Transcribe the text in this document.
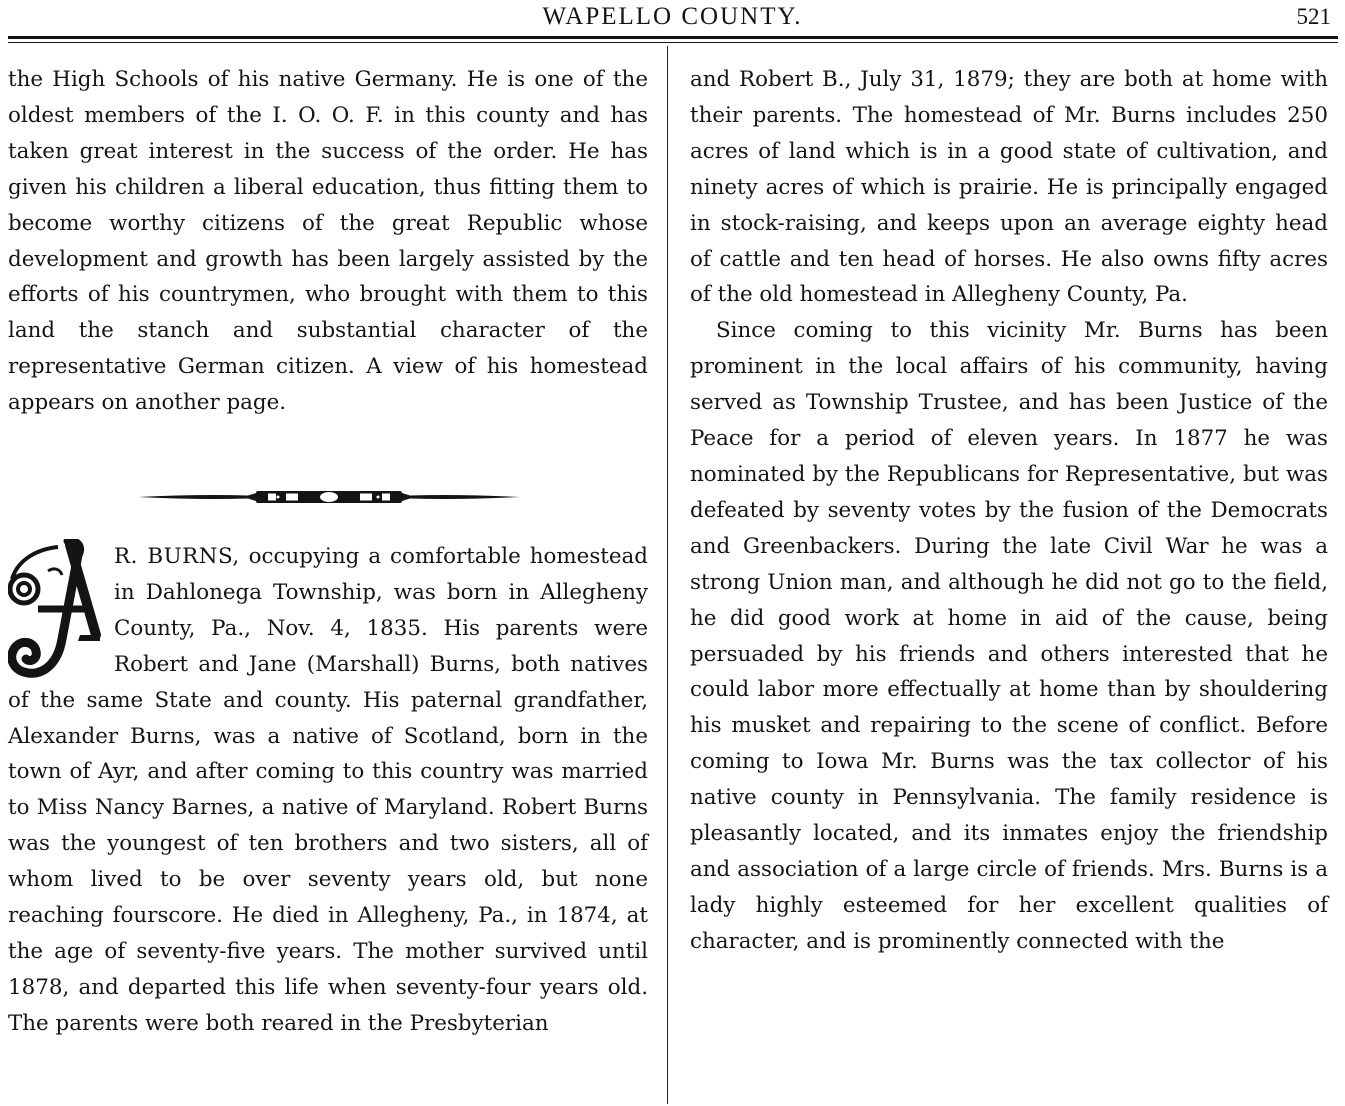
WAPELLO COUNTY.	521

the High Schools of his native Germany. He is one of the oldest members of the I. O. O. F. in this county and has taken great interest in the success of the order. He has given his children a liberal education, thus fitting them to become worthy citizens of the great Republic whose development and growth has been largely assisted by the efforts of his countrymen, who brought with them to this land the stanch and substantial character of the representative German citizen. A view of his homestead appears on another page.

R. BURNS, occupying a comfortable homestead in Dahlonega Township, was born in Allegheny County, Pa., Nov. 4, 1835. His parents were Robert and Jane (Marshall) Burns, both natives of the same State and county. His paternal grandfather, Alexander Burns, was a native of Scotland, born in the town of Ayr, and after coming to this country was married to Miss Nancy Barnes, a native of Maryland. Robert Burns was the youngest of ten brothers and two sisters, all of whom lived to be over seventy years old, but none reaching fourscore. He died in Allegheny, Pa., in 1874, at the age of seventy-five years. The mother survived until 1878, and departed this life when seventy-four years old. The parents were both reared in the Presbyterian

and Robert B., July 31, 1879; they are both at home with their parents. The homestead of Mr. Burns includes 250 acres of land which is in a good state of cultivation, and ninety acres of which is prairie. He is principally engaged in stock-raising, and keeps upon an average eighty head of cattle and ten head of horses. He also owns fifty acres of the old homestead in Allegheny County, Pa.

Since coming to this vicinity Mr. Burns has been prominent in the local affairs of his community, having served as Township Trustee, and has been Justice of the Peace for a period of eleven years. In 1877 he was nominated by the Republicans for Representative, but was defeated by seventy votes by the fusion of the Democrats and Greenbackers. During the late Civil War he was a strong Union man, and although he did not go to the field, he did good work at home in aid of the cause, being persuaded by his friends and others interested that he could labor more effectually at home than by shouldering his musket and repairing to the scene of conflict. Before coming to Iowa Mr. Burns was the tax collector of his native county in Pennsylvania. The family residence is pleasantly located, and its inmates enjoy the friendship and association of a large circle of friends. Mrs. Burns is a lady highly esteemed for her excellent qualities of character, and is prominently connected with the
